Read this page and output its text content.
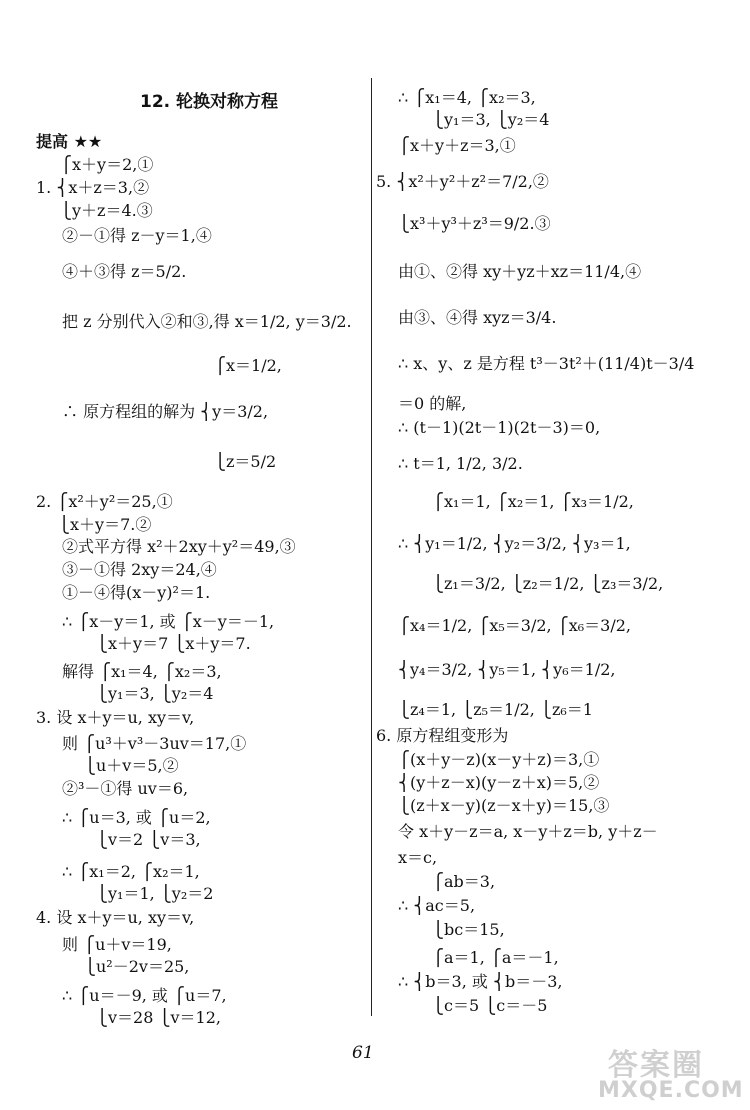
12. 轮换对称方程
提高 ★★
⎧x＋y＝2,①
1. ⎨x＋z＝3,②
⎩y＋z＝4.③
②－①得 z－y＝1,④
④＋③得 z＝5/2.
把 z 分别代入②和③,得 x＝1/2, y＝3/2.
⎧x＝1/2,
∴ 原方程组的解为 ⎨y＝3/2,
⎩z＝5/2
2. ⎧x²＋y²＝25,①
⎩x＋y＝7.②
②式平方得 x²＋2xy＋y²＝49,③
③－①得 2xy＝24,④
①－④得(x－y)²＝1.
∴ ⎧x－y＝1, 或 ⎧x－y＝－1,
⎩x＋y＝7 ⎩x＋y＝7.
解得 ⎧x₁＝4, ⎧x₂＝3,
⎩y₁＝3, ⎩y₂＝4
3. 设 x＋y＝u, xy＝v,
则 ⎧u³＋v³－3uv＝17,①
⎩u＋v＝5,②
②³－①得 uv＝6,
∴ ⎧u＝3, 或 ⎧u＝2,
⎩v＝2 ⎩v＝3,
∴ ⎧x₁＝2, ⎧x₂＝1,
⎩y₁＝1, ⎩y₂＝2
4. 设 x＋y＝u, xy＝v,
则 ⎧u＋v＝19,
⎩u²－2v＝25,
∴ ⎧u＝－9, 或 ⎧u＝7,
⎩v＝28 ⎩v＝12,
∴ ⎧x₁＝4, ⎧x₂＝3,
⎩y₁＝3, ⎩y₂＝4
⎧x＋y＋z＝3,①
5. ⎨x²＋y²＋z²＝7/2,②
⎩x³＋y³＋z³＝9/2.③
由①、②得 xy＋yz＋xz＝11/4,④
由③、④得 xyz＝3/4.
∴ x、y、z 是方程 t³－3t²＋(11/4)t－3/4
＝0 的解,
∴ (t－1)(2t－1)(2t－3)＝0,
∴ t＝1, 1/2, 3/2.
⎧x₁＝1, ⎧x₂＝1, ⎧x₃＝1/2,
∴ ⎨y₁＝1/2, ⎨y₂＝3/2, ⎨y₃＝1,
⎩z₁＝3/2, ⎩z₂＝1/2, ⎩z₃＝3/2,
⎧x₄＝1/2, ⎧x₅＝3/2, ⎧x₆＝3/2,
⎨y₄＝3/2, ⎨y₅＝1, ⎨y₆＝1/2,
⎩z₄＝1, ⎩z₅＝1/2, ⎩z₆＝1
6. 原方程组变形为
⎧(x＋y－z)(x－y＋z)＝3,①
⎨(y＋z－x)(y－z＋x)＝5,②
⎩(z＋x－y)(z－x＋y)＝15,③
令 x＋y－z＝a, x－y＋z＝b, y＋z－
x＝c,
⎧ab＝3,
∴ ⎨ac＝5,
⎩bc＝15,
⎧a＝1, ⎧a＝－1,
∴ ⎨b＝3, 或 ⎨b＝－3,
⎩c＝5 ⎩c＝－5
61	答案圈
MXQE.COM
